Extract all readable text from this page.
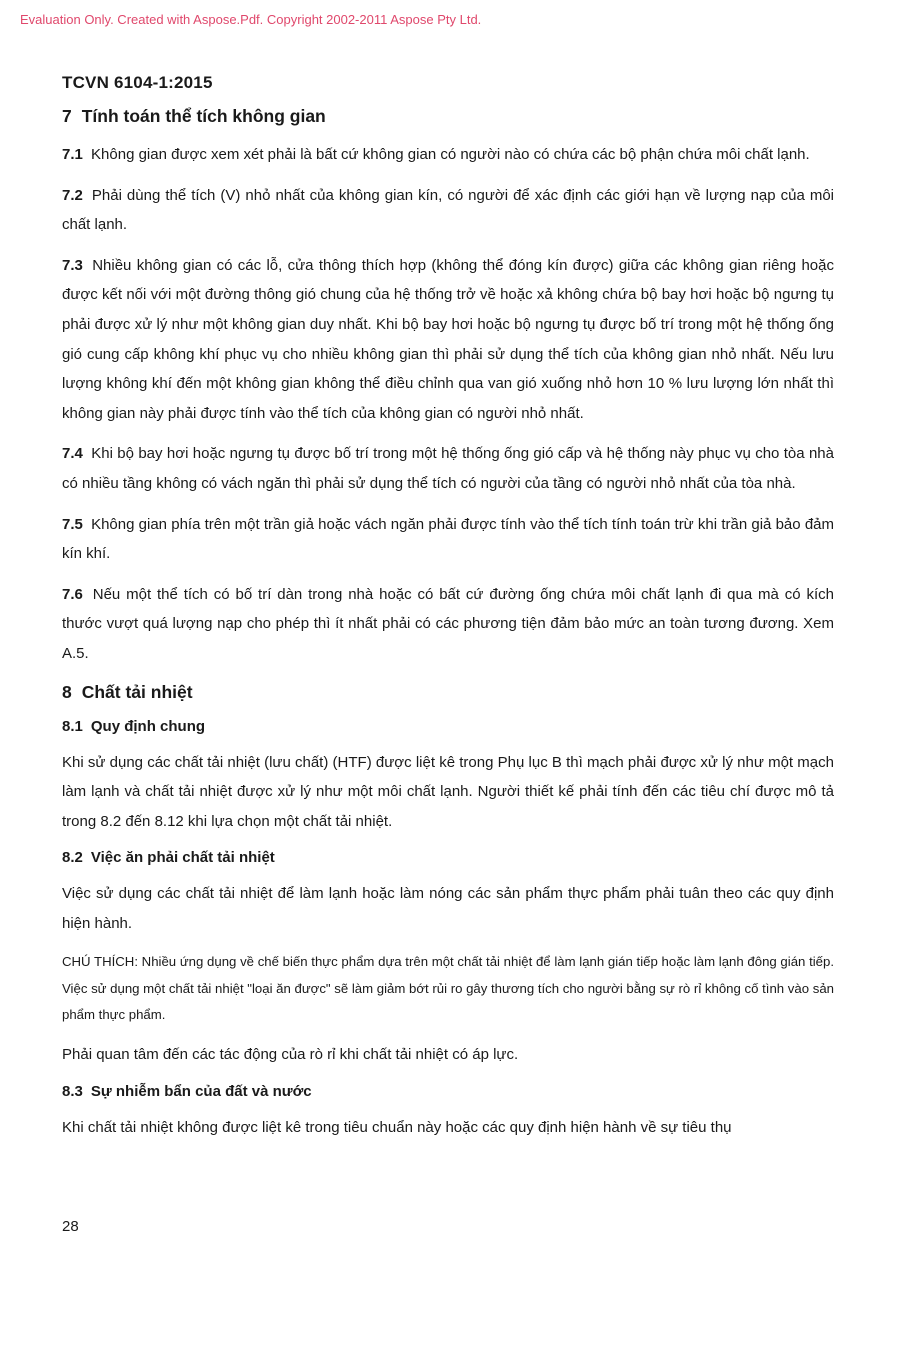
Evaluation Only. Created with Aspose.Pdf. Copyright 2002-2011 Aspose Pty Ltd.
TCVN 6104-1:2015
7 Tính toán thể tích không gian

7.1 Không gian được xem xét phải là bất cứ không gian có người nào có chứa các bộ phận chứa môi chất lạnh.

7.2 Phải dùng thể tích (V) nhỏ nhất của không gian kín, có người để xác định các giới hạn về lượng nạp của môi chất lạnh.

7.3 Nhiều không gian có các lỗ, cửa thông thích hợp (không thể đóng kín được) giữa các không gian riêng hoặc được kết nối với một đường thông gió chung của hệ thống trở về hoặc xả không chứa bộ bay hơi hoặc bộ ngưng tụ phải được xử lý như một không gian duy nhất. Khi bộ bay hơi hoặc bộ ngưng tụ được bố trí trong một hệ thống ống gió cung cấp không khí phục vụ cho nhiều không gian thì phải sử dụng thể tích của không gian nhỏ nhất. Nếu lưu lượng không khí đến một không gian không thể điều chỉnh qua van gió xuống nhỏ hơn 10 % lưu lượng lớn nhất thì không gian này phải được tính vào thể tích của không gian có người nhỏ nhất.

7.4 Khi bộ bay hơi hoặc ngưng tụ được bố trí trong một hệ thống ống gió cấp và hệ thống này phục vụ cho tòa nhà có nhiều tầng không có vách ngăn thì phải sử dụng thể tích có người của tầng có người nhỏ nhất của tòa nhà.

7.5 Không gian phía trên một trần giả hoặc vách ngăn phải được tính vào thể tích tính toán trừ khi trần giả bảo đảm kín khí.

7.6 Nếu một thể tích có bố trí dàn trong nhà hoặc có bất cứ đường ống chứa môi chất lạnh đi qua mà có kích thước vượt quá lượng nạp cho phép thì ít nhất phải có các phương tiện đảm bảo mức an toàn tương đương. Xem A.5.

8 Chất tải nhiệt
8.1 Quy định chung

Khi sử dụng các chất tải nhiệt (lưu chất) (HTF) được liệt kê trong Phụ lục B thì mạch phải được xử lý như một mạch làm lạnh và chất tải nhiệt được xử lý như một môi chất lạnh. Người thiết kế phải tính đến các tiêu chí được mô tả trong 8.2 đến 8.12 khi lựa chọn một chất tải nhiệt.

8.2 Việc ăn phải chất tải nhiệt

Việc sử dụng các chất tải nhiệt để làm lạnh hoặc làm nóng các sản phẩm thực phẩm phải tuân theo các quy định hiện hành.

CHÚ THÍCH: Nhiều ứng dụng về chế biến thực phẩm dựa trên một chất tải nhiệt để làm lạnh gián tiếp hoặc làm lạnh đông gián tiếp. Việc sử dụng một chất tải nhiệt "loại ăn được" sẽ làm giảm bớt rủi ro gây thương tích cho người bằng sự rò rỉ không cố tình vào sản phẩm thực phẩm.

Phải quan tâm đến các tác động của rò rỉ khi chất tải nhiệt có áp lực.

8.3 Sự nhiễm bẩn của đất và nước

Khi chất tải nhiệt không được liệt kê trong tiêu chuẩn này hoặc các quy định hiện hành về sự tiêu thụ

28
